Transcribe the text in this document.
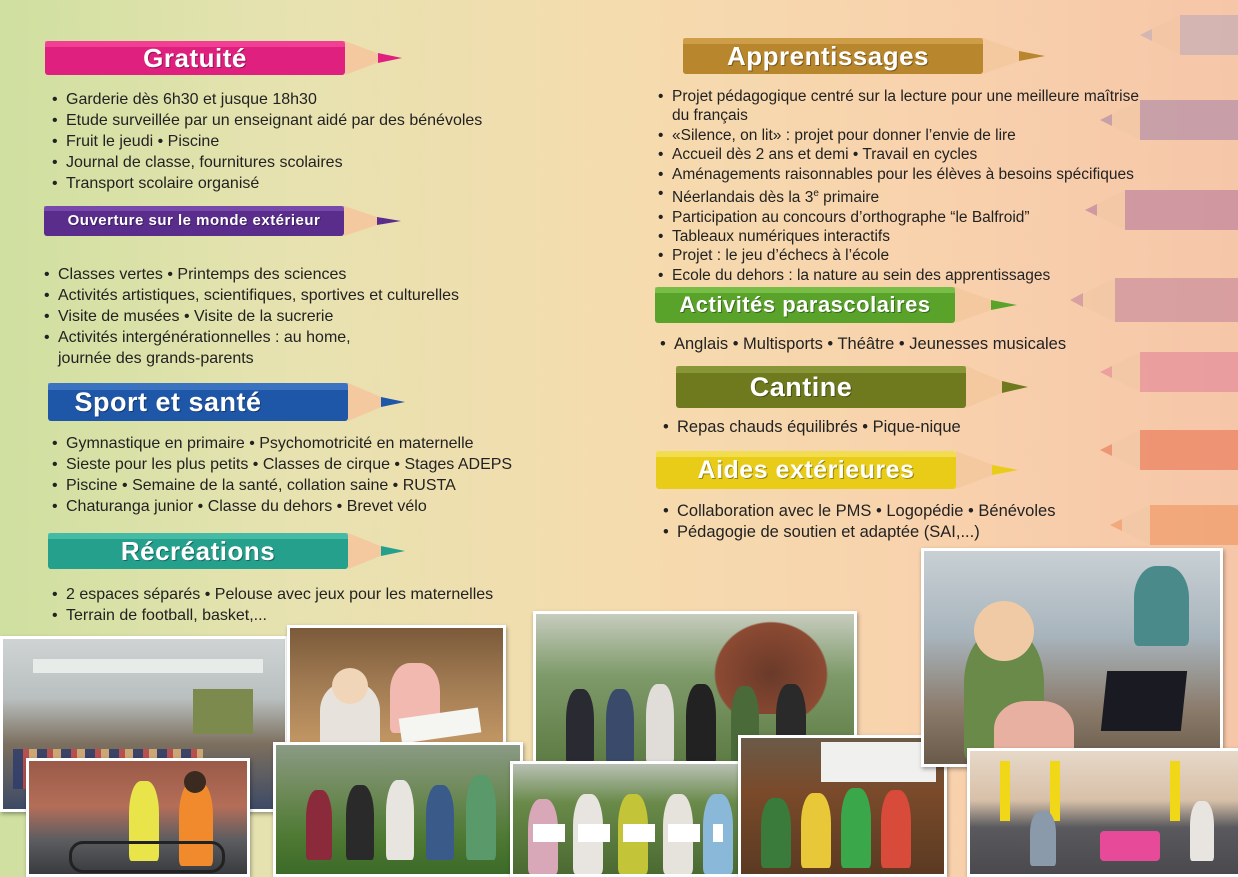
Gratuité
• Garderie dès 6h30 et jusque 18h30
• Etude surveillée par un enseignant aidé par des bénévoles
• Fruit le jeudi • Piscine
• Journal de classe, fournitures scolaires
• Transport scolaire organisé
Ouverture sur le monde extérieur
• Classes vertes • Printemps des sciences
• Activités artistiques, scientifiques, sportives et culturelles
• Visite de musées • Visite de la sucrerie
• Activités intergénérationnelles : au home,
journée des grands-parents
Sport et santé
• Gymnastique en primaire • Psychomotricité en maternelle
• Sieste pour les plus petits • Classes de cirque • Stages ADEPS
• Piscine • Semaine de la santé, collation saine • RUSTA
• Chaturanga junior • Classe du dehors • Brevet vélo
Récréations
• 2 espaces séparés • Pelouse avec jeux pour les maternelles
• Terrain de football, basket,...
Apprentissages
• Projet pédagogique centré sur la lecture pour une meilleure maîtrise
du français
• «Silence, on lit» : projet pour donner l’envie de lire
• Accueil dès 2 ans et demi • Travail en cycles
• Aménagements raisonnables pour les élèves à besoins spécifiques
• Néerlandais dès la 3e primaire
• Participation au concours d’orthographe “le Balfroid”
• Tableaux numériques interactifs
• Projet : le jeu d’échecs à l’école
• Ecole du dehors : la nature au sein des apprentissages
Activités parascolaires
• Anglais • Multisports • Théâtre • Jeunesses musicales
Cantine
• Repas chauds équilibrés • Pique-nique
Aides extérieures
• Collaboration avec le PMS • Logopédie • Bénévoles
• Pédagogie de soutien et adaptée (SAI,...)
